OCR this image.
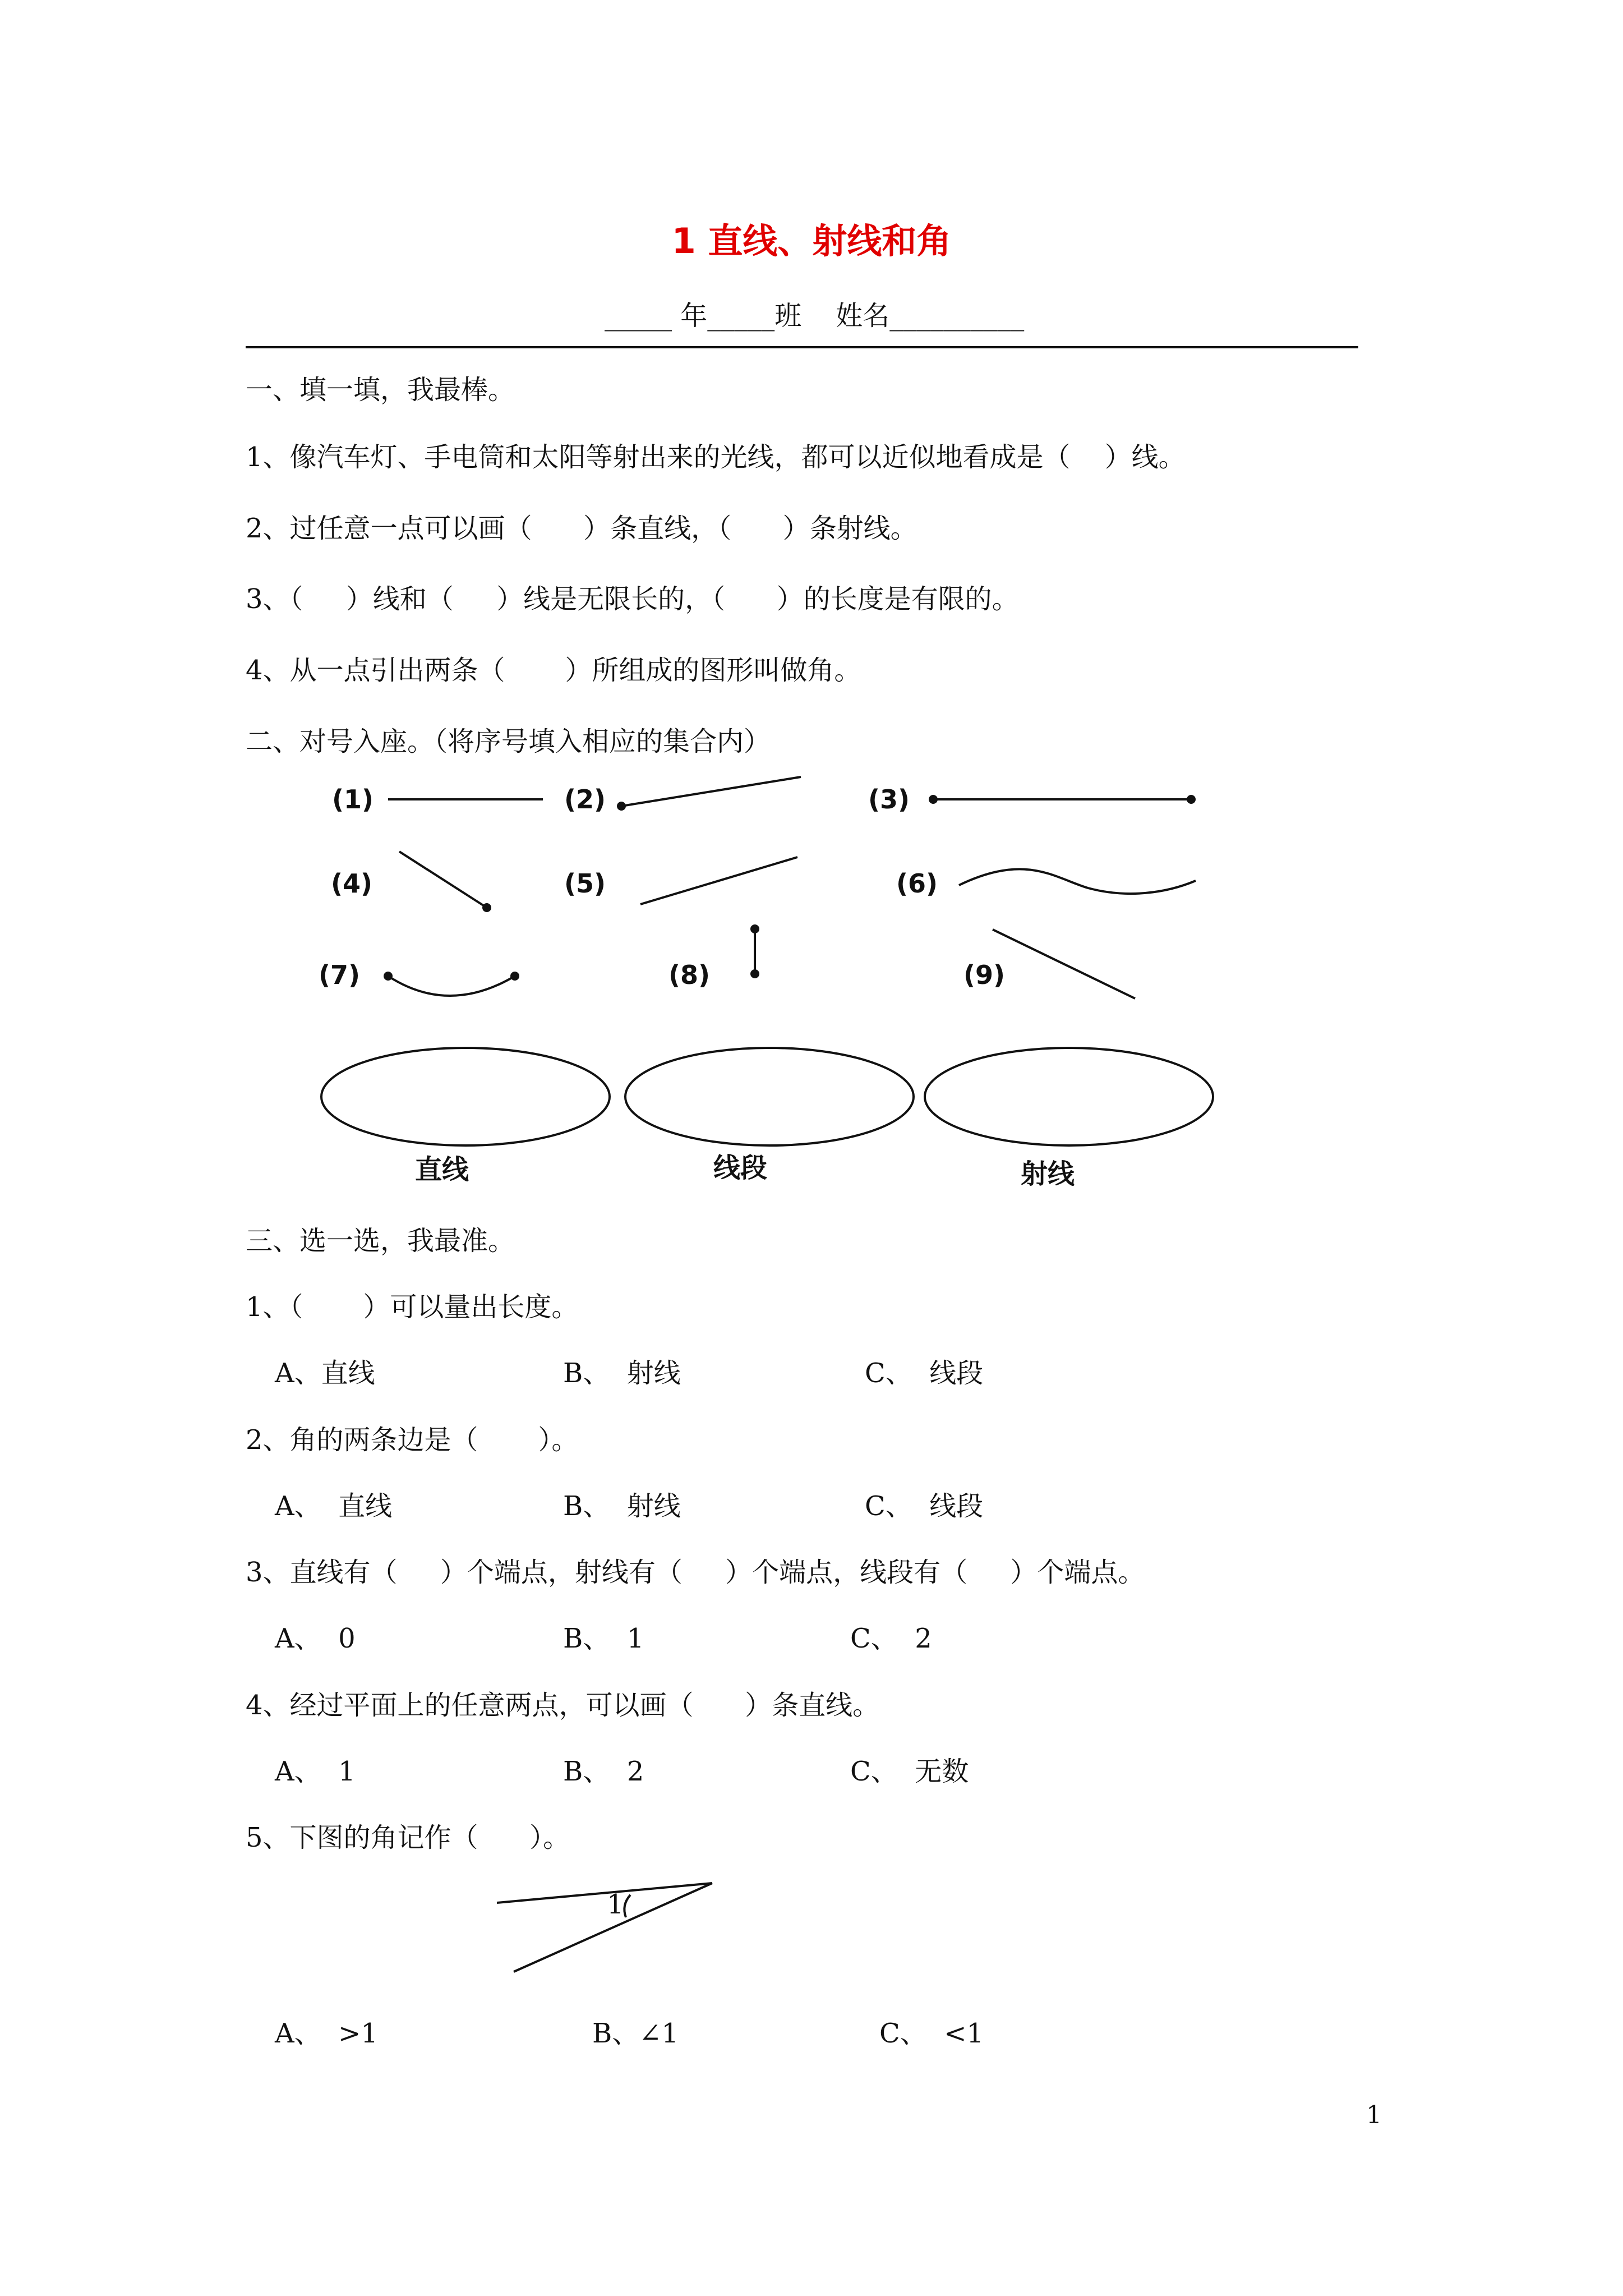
1 直线、射线和角
_____ 年_____班    姓名__________
一、填一填，我最棒。
1、像汽车灯、手电筒和太阳等射出来的光线，都可以近似地看成是（    ）线。
2、过任意一点可以画（      ）条直线，（      ）条射线。
3、（     ）线和（     ）线是无限长的，（      ）的长度是有限的。
4、从一点引出两条（       ）所组成的图形叫做角。
二、对号入座。（将序号填入相应的集合内）
(1)	(2)	(3)
(4)	(5)	(6)
(7)	(8)	(9)
直线	线段	射线
三、选一选，我最准。
1、（       ）可以量出长度。
A、直线	B、  射线	C、  线段
2、角的两条边是（       ）。
A、  直线	B、  射线	C、  线段
3、直线有（     ）个端点，射线有（     ）个端点，线段有（     ）个端点。
A、  0	B、  1	C、  2
4、经过平面上的任意两点，可以画（      ）条直线。
A、  1	B、  2	C、  无数
5、下图的角记作（      ）。
1
A、  >1	B、∠1	C、  <1
1
